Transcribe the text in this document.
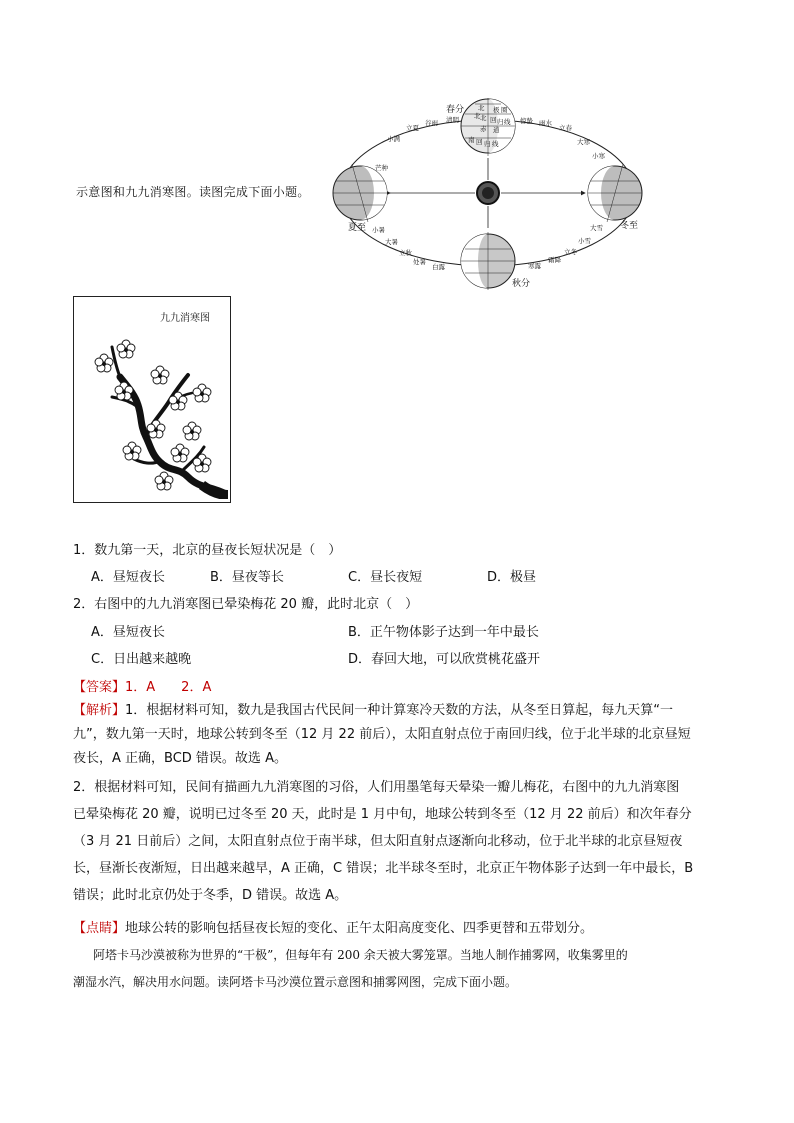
示意图和九九消寒图。读图完成下面小题。
北
北
极 圈
北 回 归 线
赤 道
南 回 归 线
春分
夏至
秋分
冬至
芒种
小满
立夏
谷雨 清明	惊蛰 雨水
立春
大寒
小寒
小暑
大暑
立秋
处暑
白露
大雪
小雪
立冬
霜降
寒露
九九消寒图
1．数九第一天，北京的昼夜长短状况是（　）
A．昼短夜长	B．昼夜等长	C．昼长夜短	D．极昼
2．右图中的九九消寒图已晕染梅花 20 瓣，此时北京（　）
A．昼短夜长	B．正午物体影子达到一年中最长
C．日出越来越晚	D．春回大地，可以欣赏桃花盛开
【答案】1．A　　2．A
【解析】1．根据材料可知，数九是我国古代民间一种计算寒冷天数的方法，从冬至日算起，每九天算“一
九”，数九第一天时，地球公转到冬至（12 月 22 前后），太阳直射点位于南回归线，位于北半球的北京昼短
夜长，A 正确，BCD 错误。故选 A。
2．根据材料可知，民间有描画九九消寒图的习俗，人们用墨笔每天晕染一瓣儿梅花，右图中的九九消寒图
已晕染梅花 20 瓣，说明已过冬至 20 天，此时是 1 月中旬，地球公转到冬至（12 月 22 前后）和次年春分
（3 月 21 日前后）之间，太阳直射点位于南半球，但太阳直射点逐渐向北移动，位于北半球的北京昼短夜
长，昼渐长夜渐短，日出越来越早，A 正确，C 错误；北半球冬至时，北京正午物体影子达到一年中最长，B
错误；此时北京仍处于冬季，D 错误。故选 A。
【点睛】地球公转的影响包括昼夜长短的变化、正午太阳高度变化、四季更替和五带划分。
阿塔卡马沙漠被称为世界的“干极”，但每年有 200 余天被大雾笼罩。当地人制作捕雾网，收集雾里的
潮湿水汽，解决用水问题。读阿塔卡马沙漠位置示意图和捕雾网图，完成下面小题。
